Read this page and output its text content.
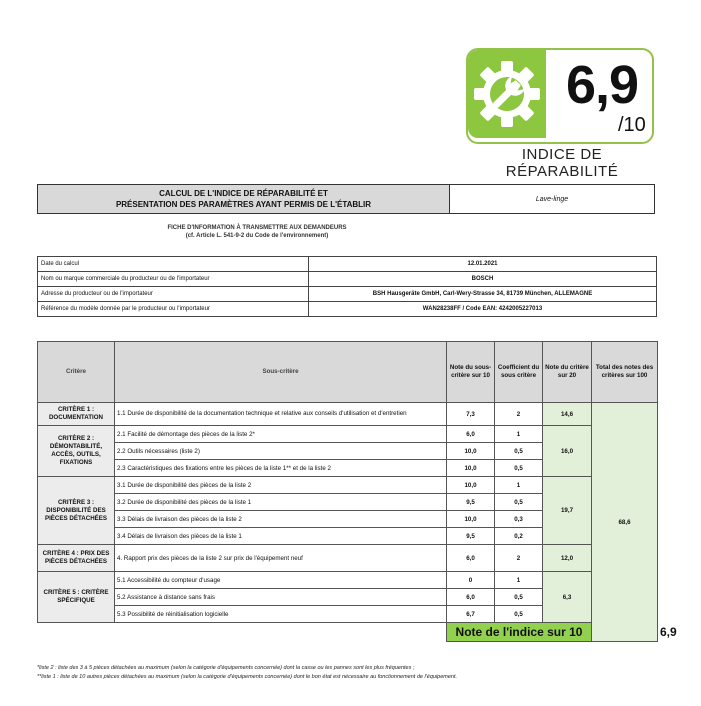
6,9
/10
INDICE DE RÉPARABILITÉ
CALCUL DE L'INDICE DE RÉPARABILITÉ ET
PRÉSENTATION DES PARAMÈTRES AYANT PERMIS DE L'ÉTABLIR
Lave-linge
FICHE D'INFORMATION À TRANSMETTRE AUX DEMANDEURS
(cf. Article L. 541-9-2 du Code de l'environnement)
Date du calcul	12.01.2021
Nom ou marque commerciale du producteur ou de l'importateur	BOSCH
Adresse du producteur ou de l'importateur	BSH Hausgeräte GmbH, Carl-Wery-Strasse 34, 81739 München, ALLEMAGNE
Référence du modèle donnée par le producteur ou l'importateur	WAN28238FF / Code EAN: 4242005227013
Critère	Sous-critère	Note du sous-critère sur 10	Coefficient du sous critère	Note du critère sur 20	Total des notes des critères sur 100	
CRITÈRE 1 : DOCUMENTATION	1.1 Durée de disponibilité de la documentation technique et relative aux conseils d'utilisation et d'entretien	7,3	2	14,6	68,6	
CRITÈRE 2 : DÉMONTABILITÉ, ACCÈS, OUTILS, FIXATIONS	2.1 Facilité de démontage des pièces de la liste 2*	6,0	1	16,0		
	2.2 Outils nécessaires (liste 2)	10,0	0,5			
	2.3 Caractéristiques des fixations entre les pièces de la liste 1** et de la liste 2	10,0	0,5			
CRITÈRE 3 : DISPONIBILITÉ DES PIÈCES DÉTACHÉES	3.1 Durée de disponibilité des pièces de la liste 2	10,0	1	19,7		
	3.2 Durée de disponibilité des pièces de la liste 1	9,5	0,5			
	3.3 Délais de livraison des pièces de la liste 2	10,0	0,3			
	3.4 Délais de livraison des pièces de la liste 1	9,5	0,2			
CRITÈRE 4 : PRIX DES PIÈCES DÉTACHÉES	4. Rapport prix des pièces de la liste 2 sur prix de l'équipement neuf	6,0	2	12,0		
CRITÈRE 5 : CRITÈRE SPÉCIFIQUE	5.1 Accessibilité du compteur d'usage	0	1	6,3		
	5.2 Assistance à distance sans frais	6,0	0,5			
	5.3 Possibilité de réinitialisation logicielle	6,7	0,5			
		Note de l'indice sur 10				6,9
*liste 2 : liste des 3 à 5 pièces détachées au maximum (selon la catégorie d'équipements concernée) dont la casse ou les pannes sont les plus fréquentes ;
**liste 1 : liste de 10 autres pièces détachées au maximum (selon la catégorie d'équipements concernée) dont le bon état est nécessaire au fonctionnement de l'équipement.
